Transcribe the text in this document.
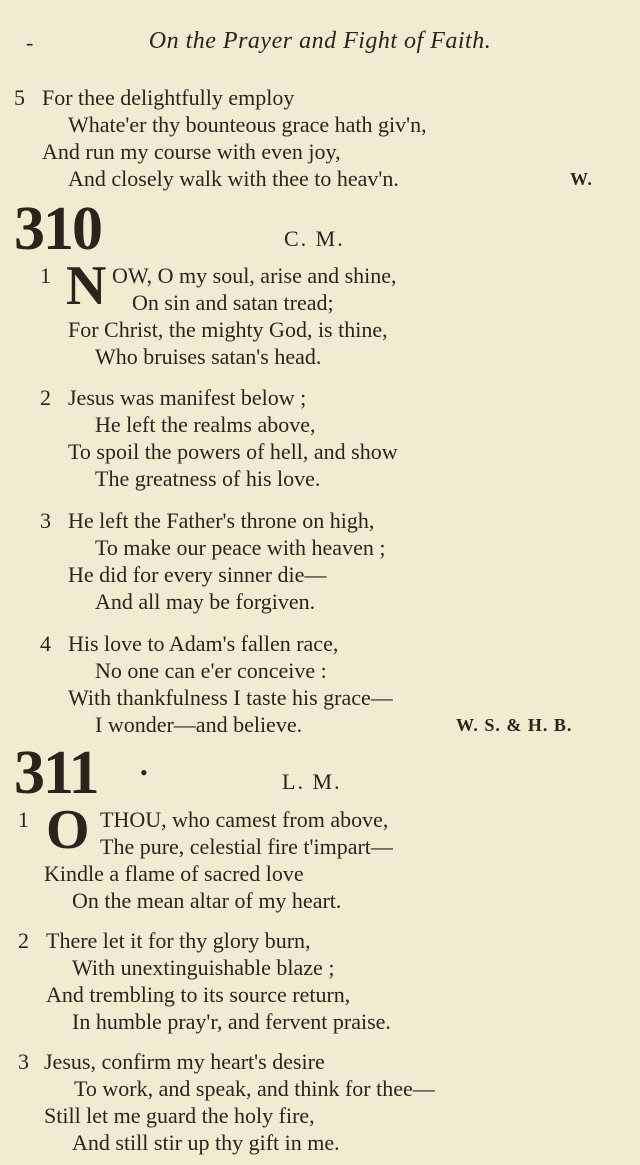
-	On the Prayer and Fight of Faith.
5 For thee delightfully employ
Whate'er thy bounteous grace hath giv'n,
And run my course with even joy,
And closely walk with thee to heav'n.	W.
310	C. M.
1 N OW, O my soul, arise and shine,
On sin and satan tread;
For Christ, the mighty God, is thine,
Who bruises satan's head.
2 Jesus was manifest below ;
He left the realms above,
To spoil the powers of hell, and show
The greatness of his love.
3 He left the Father's throne on high,
To make our peace with heaven ;
He did for every sinner die—
And all may be forgiven.
4 His love to Adam's fallen race,
No one can e'er conceive :
With thankfulness I taste his grace—
I wonder—and believe.	W. S. & H. B.
311 •	L. M.
1 O THOU, who camest from above,
The pure, celestial fire t'impart—
Kindle a flame of sacred love
On the mean altar of my heart.
2 There let it for thy glory burn,
With unextinguishable blaze ;
And trembling to its source return,
In humble pray'r, and fervent praise.
3 Jesus, confirm my heart's desire
To work, and speak, and think for thee—
Still let me guard the holy fire,
And still stir up thy gift in me.
